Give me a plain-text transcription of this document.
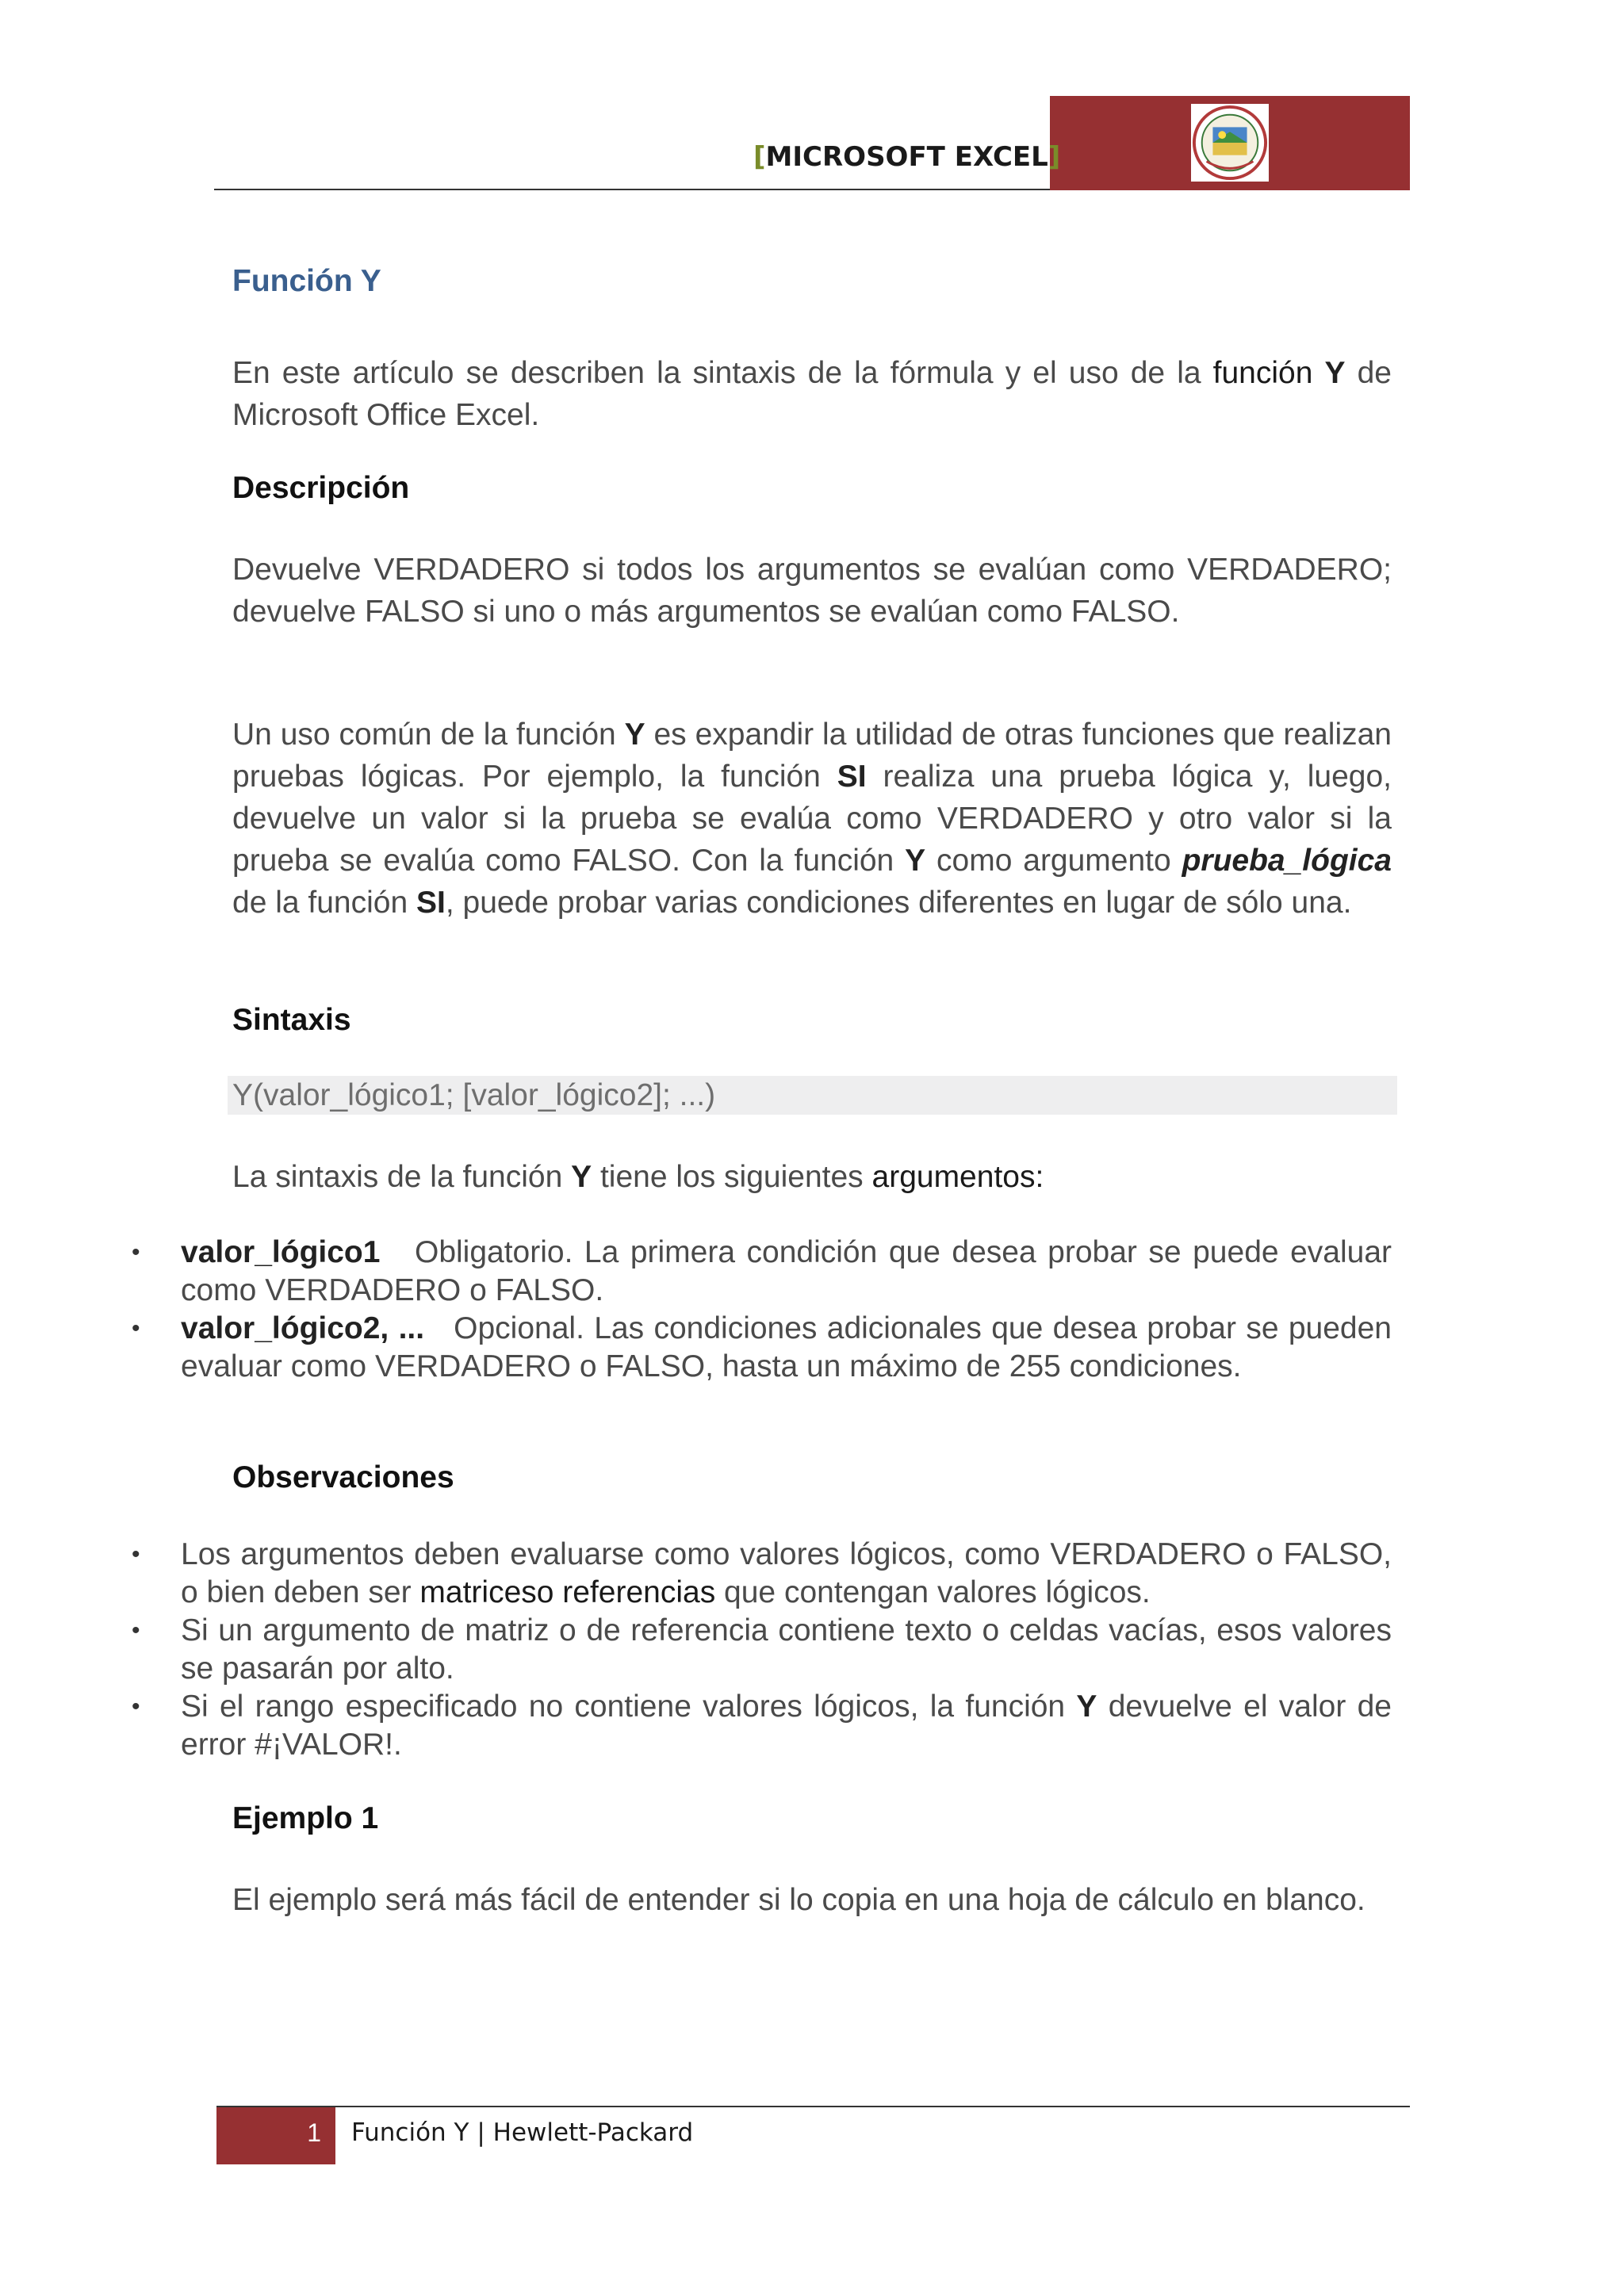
[MICROSOFT EXCEL]
Función Y
En este artículo se describen la sintaxis de la fórmula y el uso de la función Y de Microsoft Office Excel.
Descripción
Devuelve VERDADERO si todos los argumentos se evalúan como VERDADERO; devuelve FALSO si uno o más argumentos se evalúan como FALSO.
Un uso común de la función Y es expandir la utilidad de otras funciones que realizan pruebas lógicas. Por ejemplo, la función SI realiza una prueba lógica y, luego, devuelve un valor si la prueba se evalúa como VERDADERO y otro valor si la prueba se evalúa como FALSO. Con la función Y como argumento prueba_lógica de la función SI, puede probar varias condiciones diferentes en lugar de sólo una.
Sintaxis
Y(valor_lógico1; [valor_lógico2]; ...)
La sintaxis de la función Y tiene los siguientes argumentos:
•	valor_lógico1 Obligatorio. La primera condición que desea probar se puede evaluar como VERDADERO o FALSO.
•	valor_lógico2, ... Opcional. Las condiciones adicionales que desea probar se pueden evaluar como VERDADERO o FALSO, hasta un máximo de 255 condiciones.
Observaciones
•	Los argumentos deben evaluarse como valores lógicos, como VERDADERO o FALSO, o bien deben ser matriceso referencias que contengan valores lógicos.
•	Si un argumento de matriz o de referencia contiene texto o celdas vacías, esos valores se pasarán por alto.
•	Si el rango especificado no contiene valores lógicos, la función Y devuelve el valor de error #¡VALOR!.
Ejemplo 1
El ejemplo será más fácil de entender si lo copia en una hoja de cálculo en blanco.
1 Función Y | Hewlett-Packard
